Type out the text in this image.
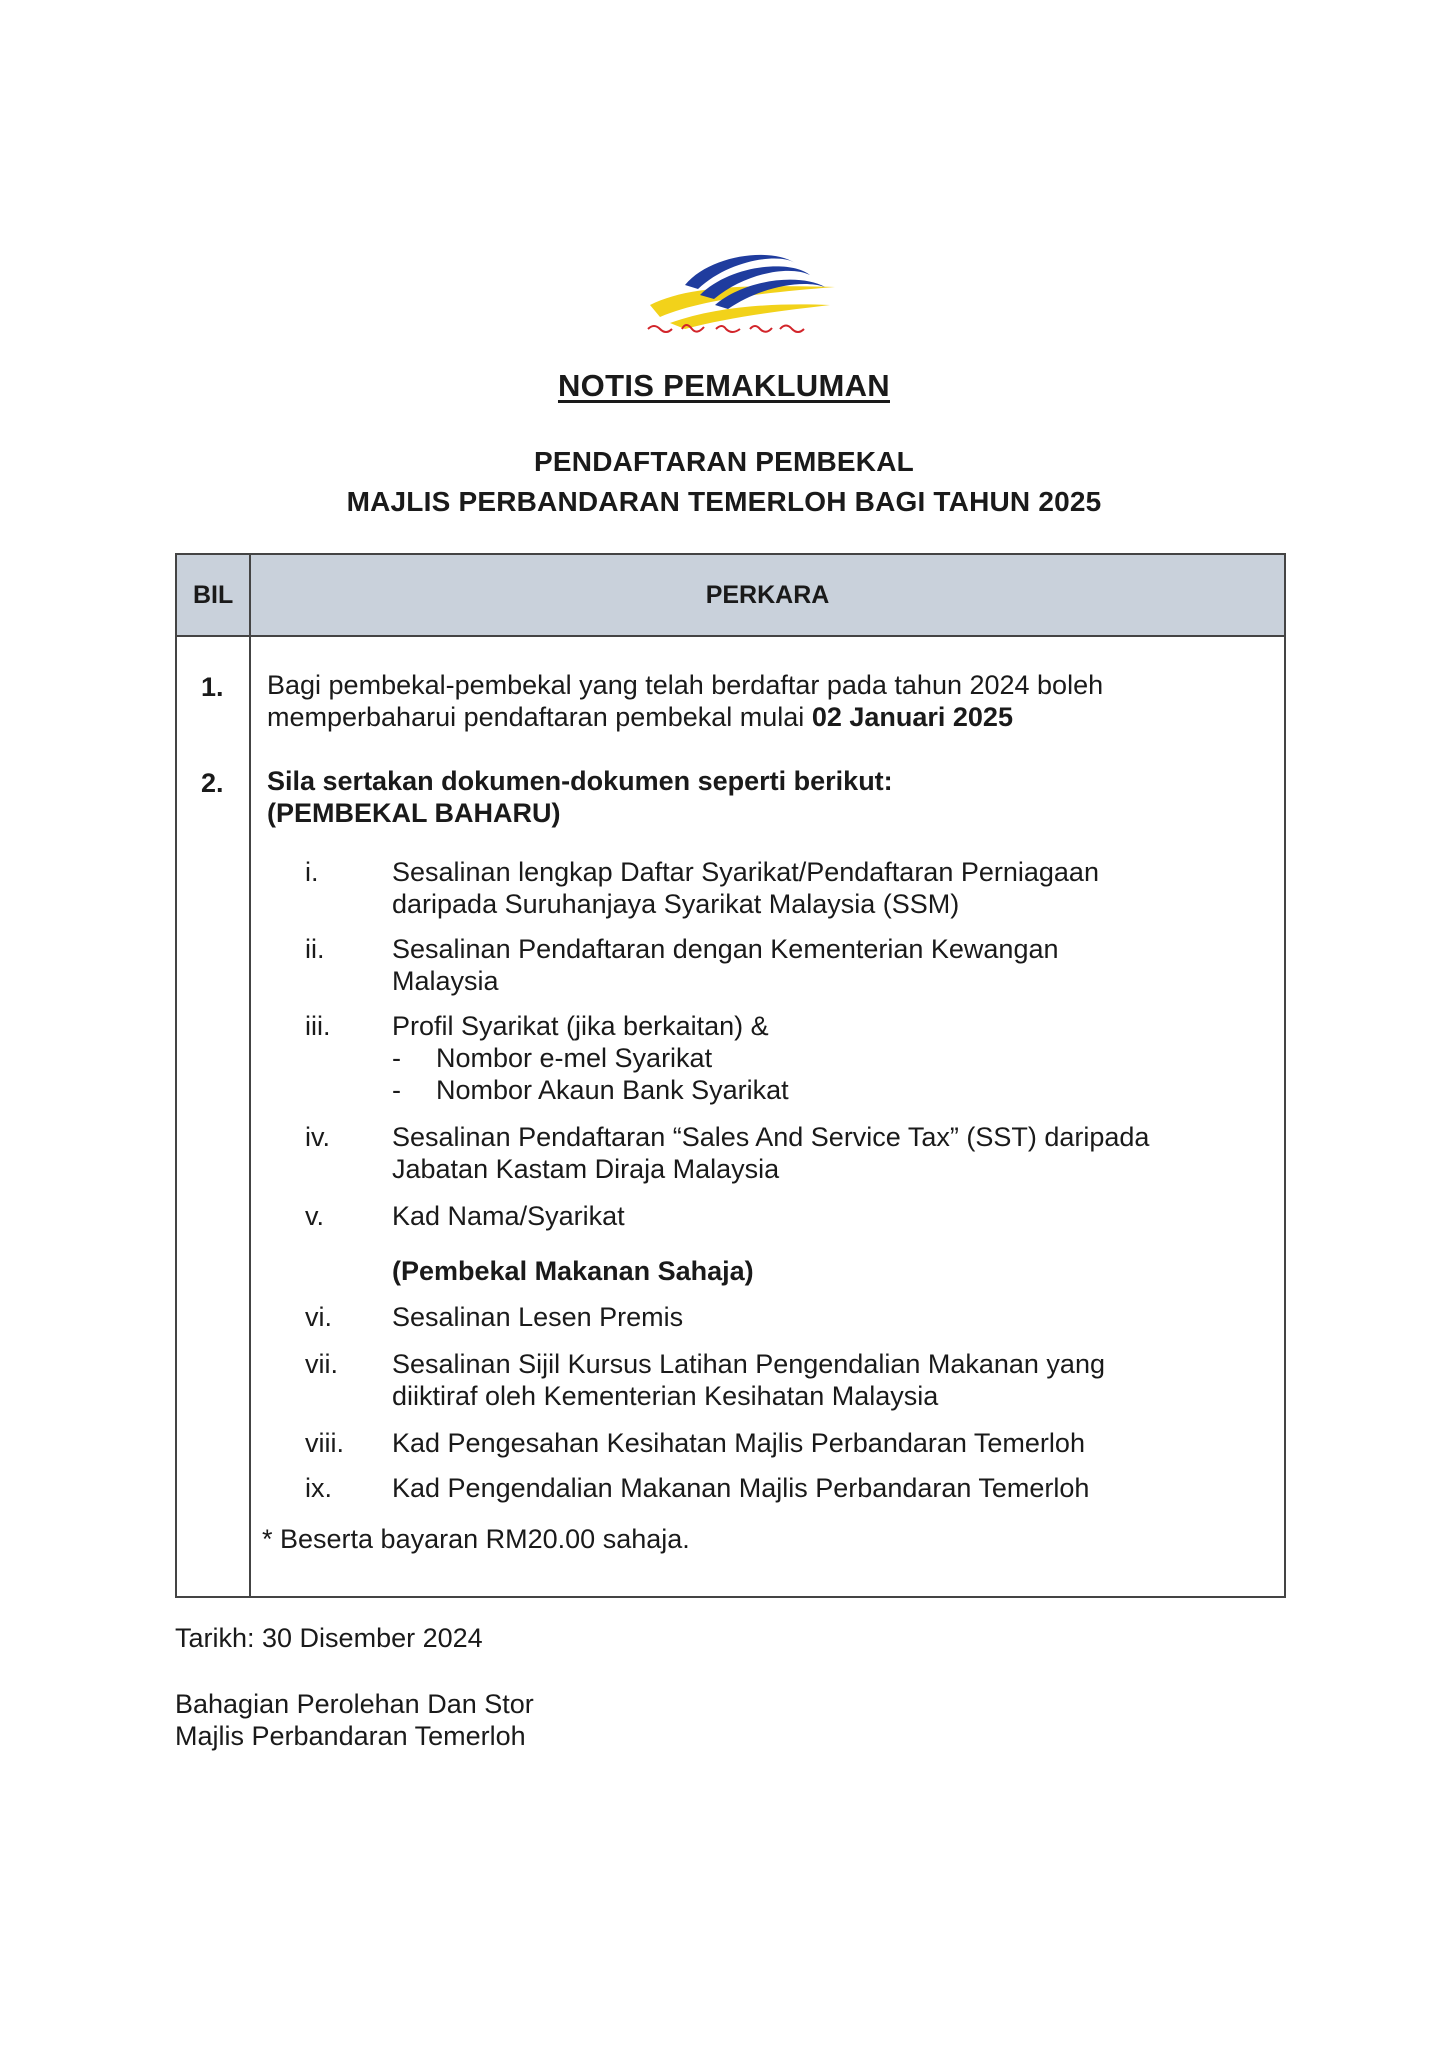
NOTIS PEMAKLUMAN
PENDAFTARAN PEMBEKAL
MAJLIS PERBANDARAN TEMERLOH BAGI TAHUN 2025
BIL	PERKARA
1. Bagi pembekal-pembekal yang telah berdaftar pada tahun 2024 boleh
memperbaharui pendaftaran pembekal mulai 02 Januari 2025
2. Sila sertakan dokumen-dokumen seperti berikut:
(PEMBEKAL BAHARU)
i.	Sesalinan lengkap Daftar Syarikat/Pendaftaran Perniagaan
daripada Suruhanjaya Syarikat Malaysia (SSM)
ii.	Sesalinan Pendaftaran dengan Kementerian Kewangan
Malaysia
iii. Profil Syarikat (jika berkaitan) &
- Nombor e-mel Syarikat
- Nombor Akaun Bank Syarikat
iv. Sesalinan Pendaftaran “Sales And Service Tax” (SST) daripada
Jabatan Kastam Diraja Malaysia
v.	Kad Nama/Syarikat
(Pembekal Makanan Sahaja)
vi. Sesalinan Lesen Premis
vii. Sesalinan Sijil Kursus Latihan Pengendalian Makanan yang
diiktiraf oleh Kementerian Kesihatan Malaysia
viii. Kad Pengesahan Kesihatan Majlis Perbandaran Temerloh
ix. Kad Pengendalian Makanan Majlis Perbandaran Temerloh
* Beserta bayaran RM20.00 sahaja.
Tarikh: 30 Disember 2024
Bahagian Perolehan Dan Stor
Majlis Perbandaran Temerloh
